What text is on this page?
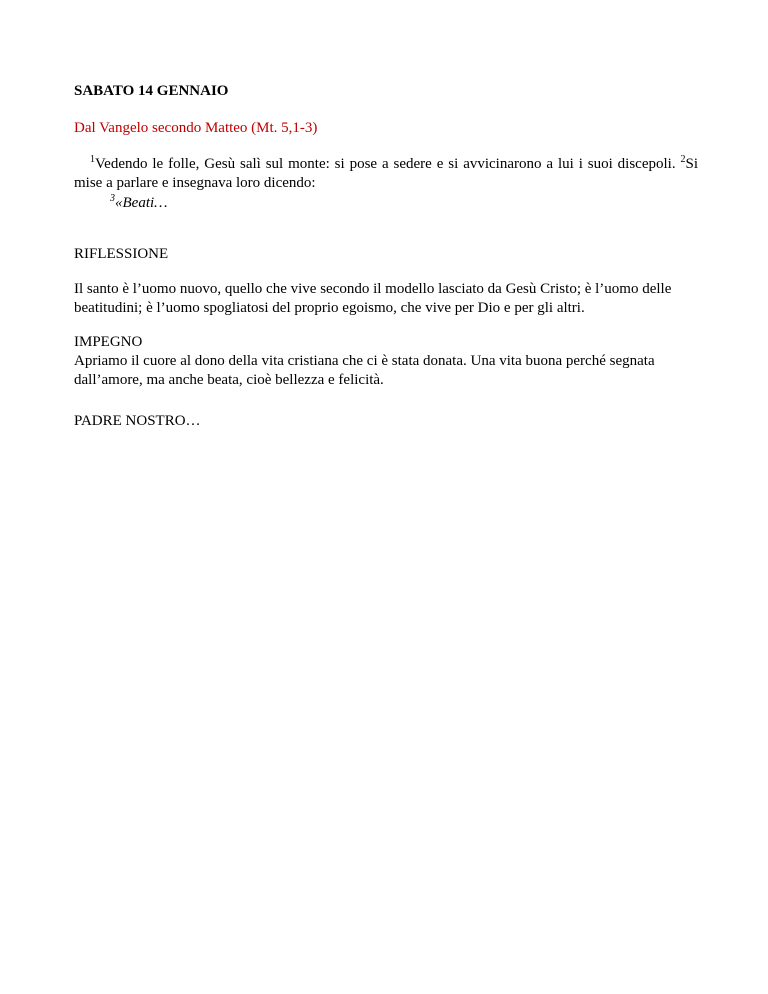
SABATO 14 GENNAIO

Dal Vangelo secondo Matteo (Mt. 5,1-3)

$^1$Vedendo le folle, Gesù salì sul monte: si pose a sedere e si avvicinarono a lui i suoi discepoli. $^2$Si mise a parlare e insegnava loro dicendo:

$^3$«Beati…

RIFLESSIONE

Il santo è l’uomo nuovo, quello che vive secondo il modello lasciato da Gesù Cristo; è l’uomo delle beatitudini; è l’uomo spogliatosi del proprio egoismo, che vive per Dio e per gli altri.

IMPEGNO

Apriamo il cuore al dono della vita cristiana che ci è stata donata. Una vita buona perché segnata dall’amore, ma anche beata, cioè bellezza e felicità.

PADRE NOSTRO…
